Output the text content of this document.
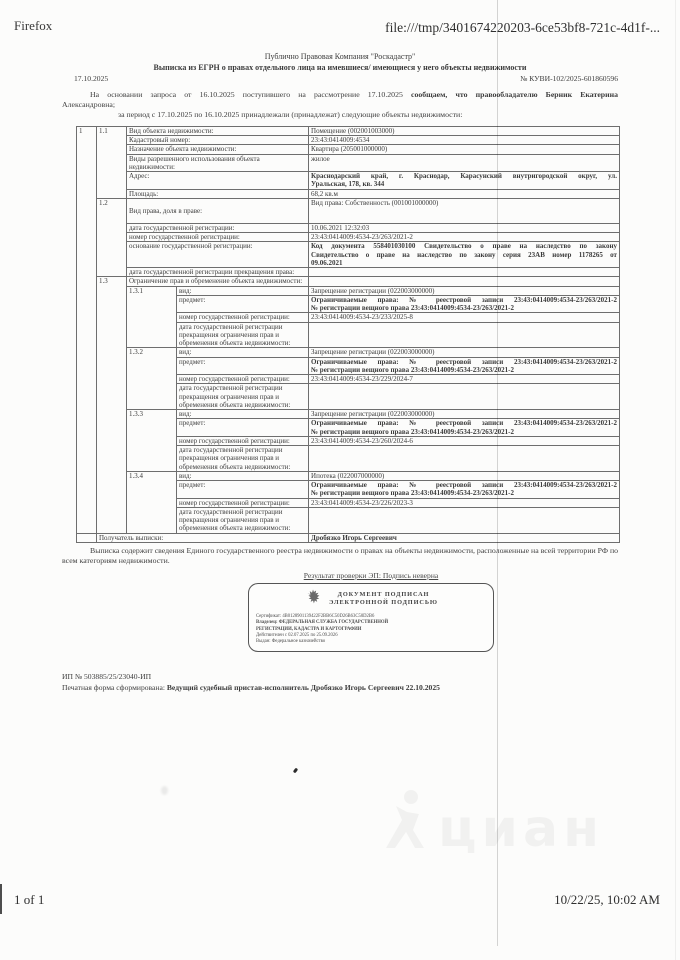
Firefox	file:///tmp/3401674220203-6ce53bf8-721c-4d1f-...
Публично Правовая Компания "Роскадастр"
Выписка из ЕГРН о правах отдельного лица на имевшиеся/ имеющиеся у него объекты недвижимости
17.10.2025	№ КУВИ-102/2025-601860596
На основании запроса от 16.10.2025 поступившего на рассмотрение 17.10.2025 сообщаем, что правообладателю Берник Екатерина
Александровна;
за период с 17.10.2025 по 16.10.2025 принадлежали (принадлежат) следующие объекты недвижимости:
1	1.1	Вид объекта недвижимости:		Помещение (002001003000)
		Кадастровый номер:		23:43:0414009:4534
		Назначение объекта недвижимости:		Квартира (205001000000)
		Виды разрешенного использования объекта недвижимости:		жилое
		Адрес:		Краснодарский край, г. Краснодар, Карасунский внутригородской округ, ул.
Уральская, 178, кв. 344

		Площадь:		68,2 кв.м
	1.2	Вид права, доля в праве:		Вид права: Собственность (001001000000)
		дата государственной регистрации:		10.06.2021 12:32:03
		номер государственной регистрации:		23:43:0414009:4534-23/263/2021-2
		основание государственной регистрации:		Код документа 558401030100 Свидетельство о праве на наследство по закону
Свидетельство о праве на наследство по закону серия 23АВ номер 1178265 от
09.06.2021

		дата государственной регистрации прекращения права:		
	1.3	Ограничение прав и обременение объекта недвижимости:		
		1.3.1	вид:	Запрещение регистрации (022003000000)
			предмет:	Ограничиваемые права: № реестровой записи 23:43:0414009:4534-23/263/2021-2
№ регистрации вещного права 23:43:0414009:4534-23/263/2021-2

			номер государственной регистрации:	23:43:0414009:4534-23/233/2025-8
			дата государственной регистрации прекращения ограничения прав и обременения объекта недвижимости:	
		1.3.2	вид:	Запрещение регистрации (022003000000)
			предмет:	Ограничиваемые права: № реестровой записи 23:43:0414009:4534-23/263/2021-2
№ регистрации вещного права 23:43:0414009:4534-23/263/2021-2

			номер государственной регистрации:	23:43:0414009:4534-23/229/2024-7
			дата государственной регистрации прекращения ограничения прав и обременения объекта недвижимости:	
		1.3.3	вид:	Запрещение регистрации (022003000000)
			предмет:	Ограничиваемые права: № реестровой записи 23:43:0414009:4534-23/263/2021-2
№ регистрации вещного права 23:43:0414009:4534-23/263/2021-2

			номер государственной регистрации:	23:43:0414009:4534-23/260/2024-6
			дата государственной регистрации прекращения ограничения прав и обременения объекта недвижимости:	
		1.3.4	вид:	Ипотека (022007000000)
			предмет:	Ограничиваемые права: № реестровой записи 23:43:0414009:4534-23/263/2021-2
№ регистрации вещного права 23:43:0414009:4534-23/263/2021-2

			номер государственной регистрации:	23:43:0414009:4534-23/226/2023-3
			дата государственной регистрации прекращения ограничения прав и обременения объекта недвижимости:	
	Получатель выписки:			Дробязко Игорь Сергеевич
Выписка содержит сведения Единого государственного реестра недвижимости о правах на объекты недвижимости, расположенные на всей территории РФ по всем категориям недвижимости.
Результат проверки ЭП: Подпись неверна
ДОКУМЕНТ ПОДПИСАН
ЭЛЕКТРОННОЙ ПОДПИСЬЮ
Сертификат: 4B0128901139422F2BB6C50D26B63C50D2B6
Владелец: ФЕДЕРАЛЬНАЯ СЛУЖБА ГОСУДАРСТВЕННОЙ
РЕГИСТРАЦИИ, КАДАСТРА И КАРТОГРАФИИ
Действителен с 02.07.2025 по 25.09.2026
Выдан: Федеральное казначейство
ИП № 503885/25/23040-ИП
Печатная форма сформирована: Ведущий судебный пристав-исполнитель Дробязко Игорь Сергеевич 22.10.2025
1 of 1	10/22/25, 10:02 AM
